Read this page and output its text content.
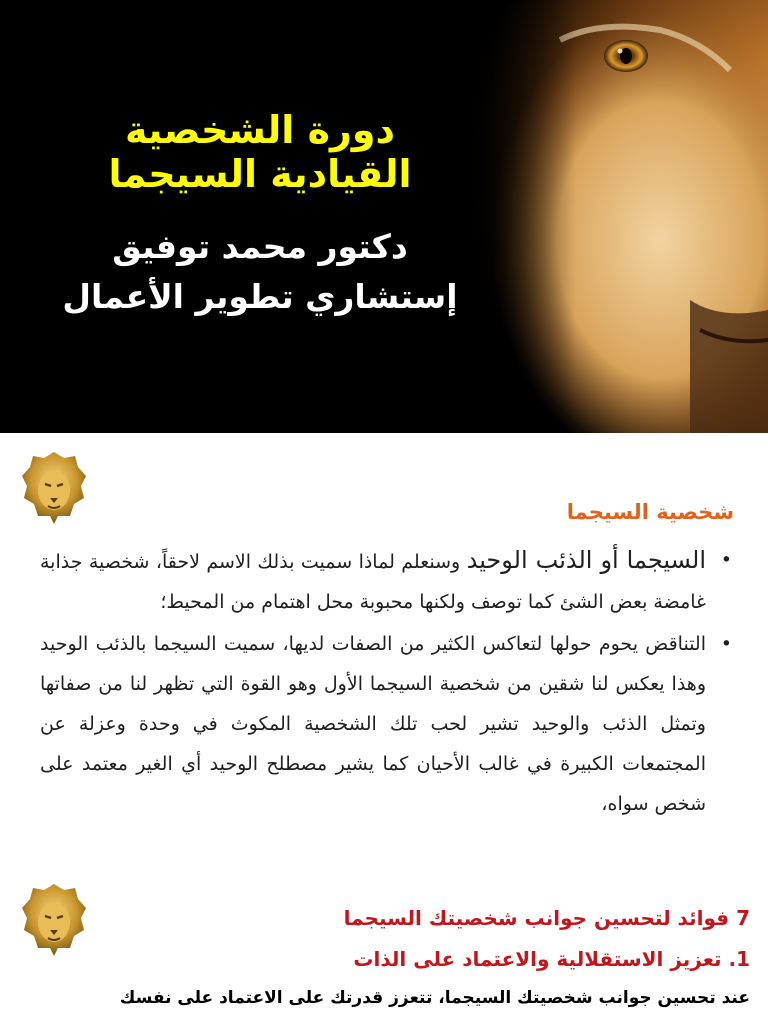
دورة الشخصية
القيادية السيجما
دكتور محمد توفيق
إستشاري تطوير الأعمال
شخصية السيجما
•
السيجما أو الذئب الوحيد وسنعلم لماذا سميت بذلك الاسم لاحقاً، شخصية جذابة غامضة بعض الشئ كما توصف ولكنها محبوبة محل اهتمام من المحيط؛
•
التناقض يحوم حولها لتعاكس الكثير من الصفات لديها، سميت السيجما بالذئب الوحيد وهذا يعكس لنا شقين من شخصية السيجما الأول وهو القوة التي تظهر لنا من صفاتها وتمثل الذئب والوحيد تشير لحب تلك الشخصية المكوث في وحدة وعزلة عن المجتمعات الكبيرة في غالب الأحيان كما يشير مصطلح الوحيد أي الغير معتمد على شخص سواه،
7 فوائد لتحسين جوانب شخصيتك السيجما
1. تعزيز الاستقلالية والاعتماد على الذات

عند تحسين جوانب شخصيتك السيجما، تتعزز قدرتك على الاعتماد على نفسك
